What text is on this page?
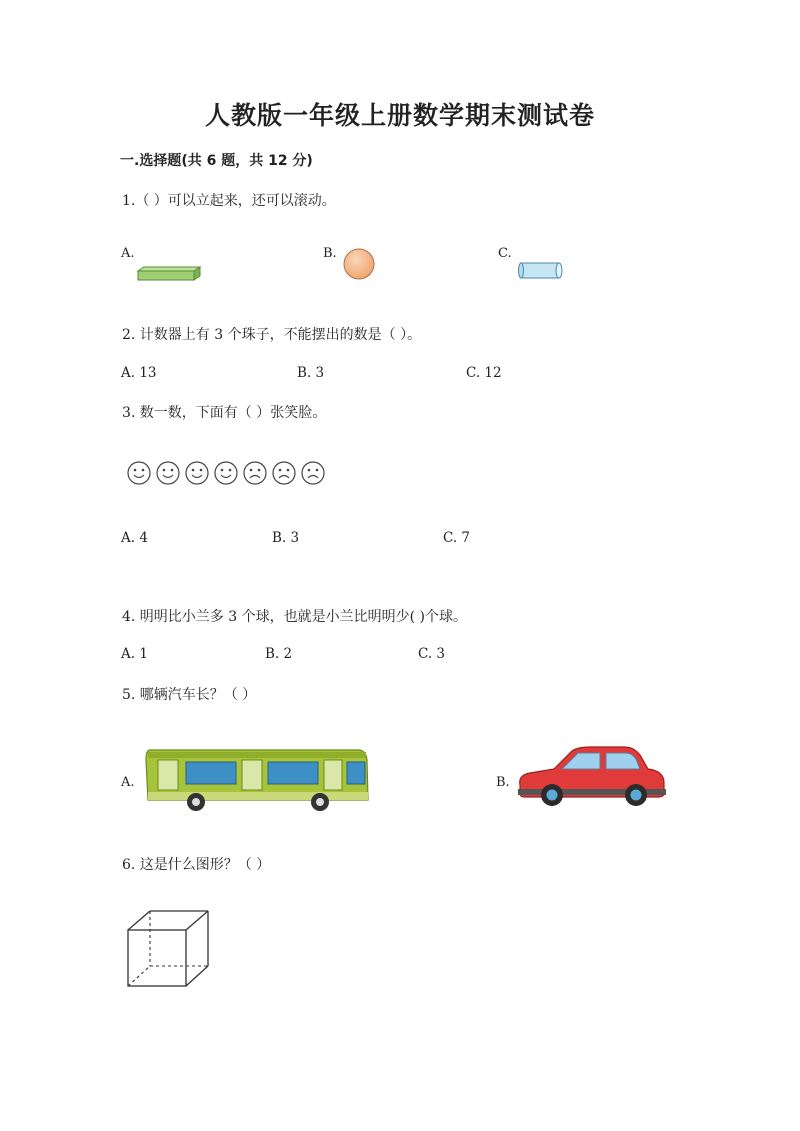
人教版一年级上册数学期末测试卷
一.选择题(共 6 题，共 12 分)
1.（ ）可以立起来，还可以滚动。
A.	B.	C.
2. 计数器上有 3 个珠子，不能摆出的数是（ ）。
A. 13	B. 3	C. 12
3. 数一数，下面有（ ）张笑脸。
A. 4	B. 3	C. 7
4. 明明比小兰多 3 个球，也就是小兰比明明少( )个球。
A. 1	B. 2	C. 3
5. 哪辆汽车长？（ ）
A.	B.
6. 这是什么图形？（ ）
